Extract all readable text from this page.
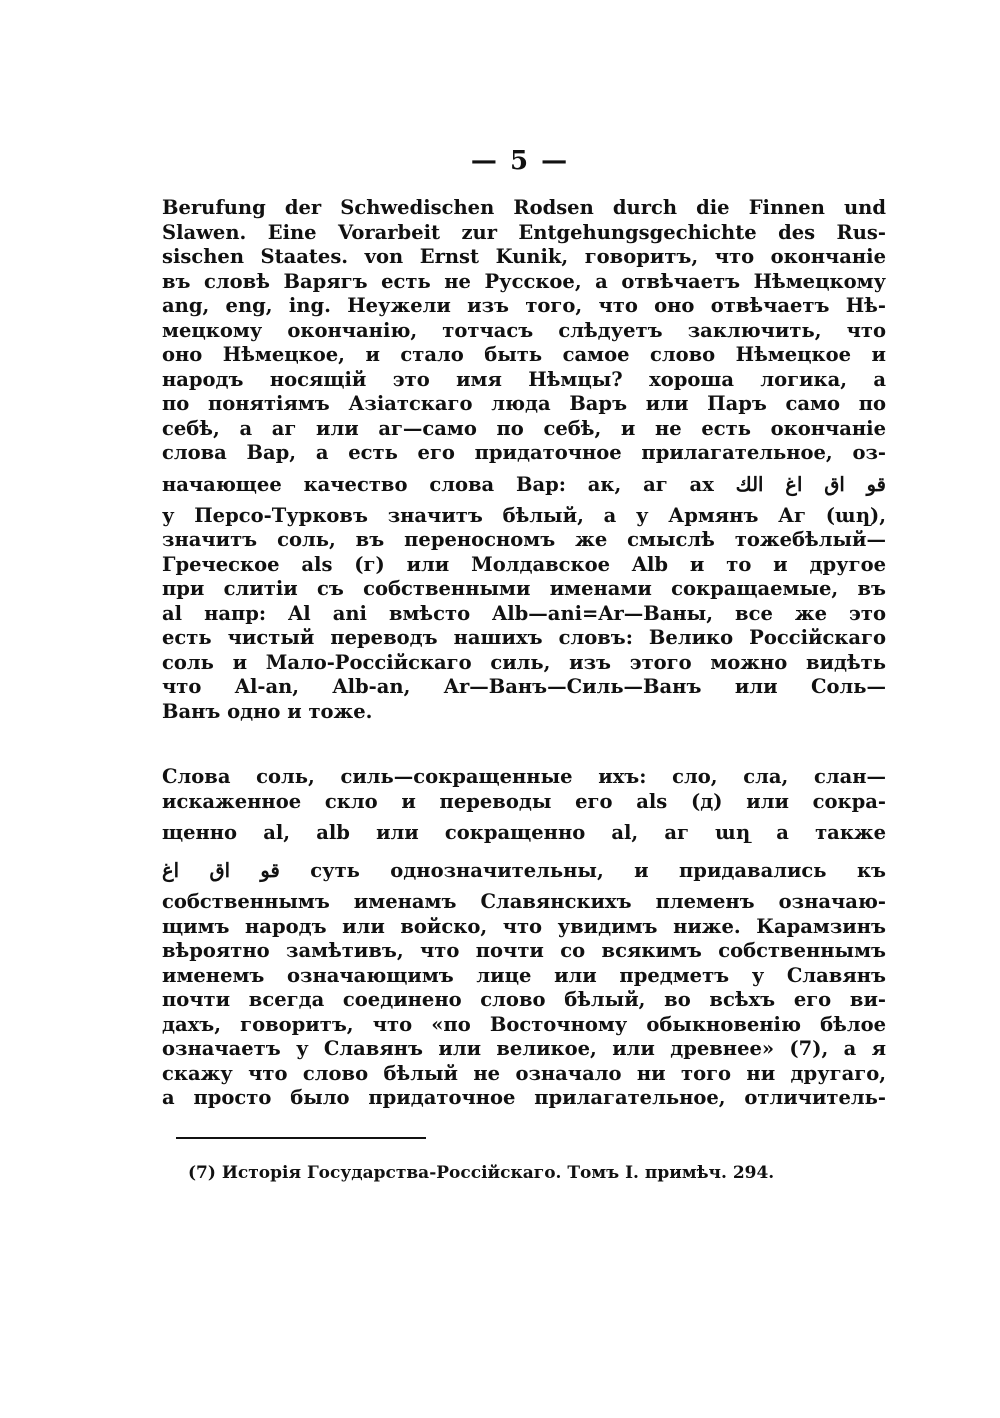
— 5 —
Berufung der Schwedischen Rodsen durch die Finnen und
Slawen. Eine Vorarbeit zur Entgehungsgechichte des Rus-
sischen Staates. von Ernst Kunik, говоритъ, что окончаніе
въ словѣ Варягъ есть не Русское, а отвѣчаетъ Нѣмецкому
ang, eng, ing. Неужели изъ того, что оно отвѣчаетъ Нѣ-
мецкому окончанію, тотчасъ слѣдуетъ заключить, что
оно Нѣмецкое, и стало быть самое слово Нѣмецкое и
народъ носящій это имя Нѣмцы? хороша логика, а
по понятіямъ Азіатскаго люда Варъ или Паръ само по
себѣ, а аг или аг—само по себѣ, и не есть окончаніе
слова Вар, а есть его придаточное прилагательное, оз-
начающее качество слова Вар: ак, аг ах قو اق اغ الك
у Персо-Турковъ значитъ бѣлый, а у Армянъ Аг (աղ),
значитъ соль, въ переносномъ же смыслѣ тожебѣлый—
Греческое als (г) или Молдавское Alb и то и другое
при слитіи съ собственными именами сокращаемые, въ
al напр: Al ani вмѣсто Alb—ani=Ar—Ваны, все же это
есть чистый переводъ нашихъ словъ: Велико Россійскаго
соль и Мало-Россійскаго силь, изъ этого можно видѣть
что Al-an, Alb-an, Ar—Ванъ—Силь—Ванъ или Соль—
Ванъ одно и тоже.
Слова соль, силь—сокращенные ихъ: сло, сла, слан—
искаженное скло и переводы его als (д) или сокра-
щенно al, alb или сокращенно al, аг աղ а также
قو اق اغ суть однозначительны, и придавались къ
собственнымъ именамъ Славянскихъ племенъ означаю-
щимъ народъ или войско, что увидимъ ниже. Карамзинъ
вѣроятно замѣтивъ, что почти со всякимъ собственнымъ
именемъ означающимъ лице или предметъ у Славянъ
почти всегда соединено слово бѣлый, во всѣхъ его ви-
дахъ, говоритъ, что «по Восточному обыкновенію бѣлое
означаетъ у Славянъ или великое, или древнее» (7), а я
скажу что слово бѣлый не означало ни того ни другаго,
а просто было придаточное прилагательное, отличитель-
(7) Исторія Государства-Россійскаго. Томъ I. примѣч. 294.
